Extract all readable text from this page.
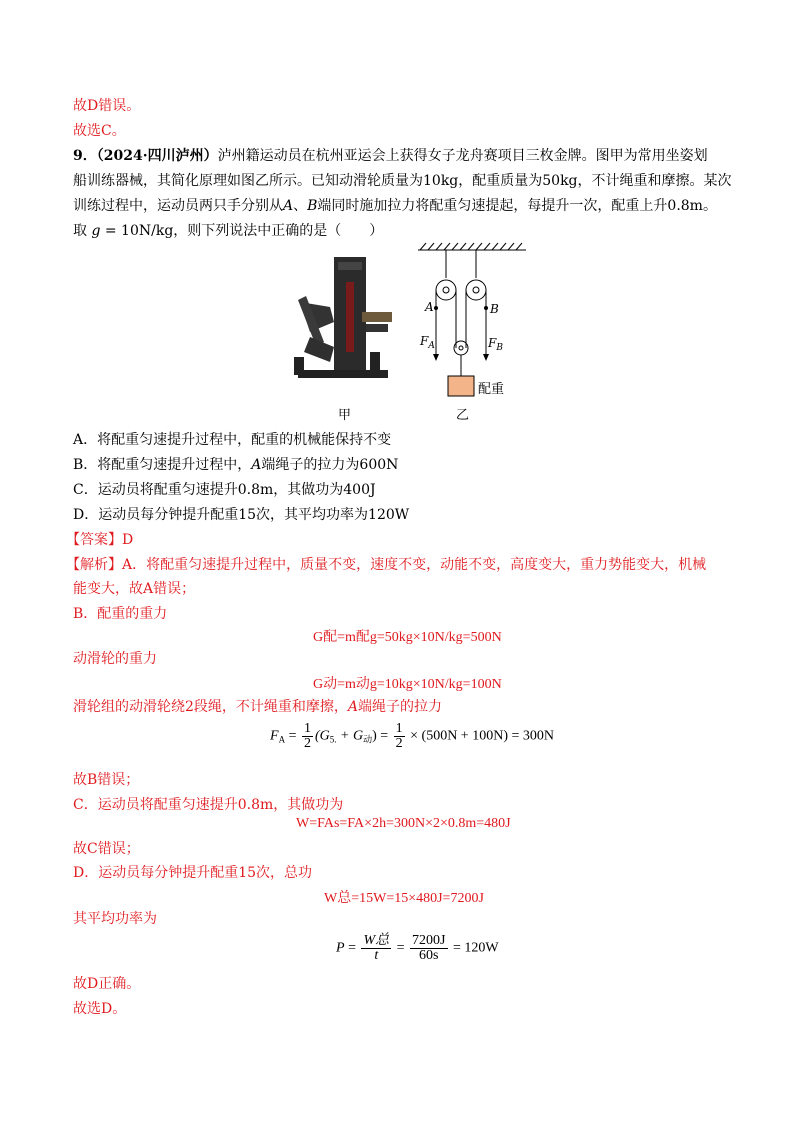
故D错误。
故选C。
9．（2024·四川泸州）泸州籍运动员在杭州亚运会上获得女子龙舟赛项目三枚金牌。图甲为常用坐姿划
船训练器械，其简化原理如图乙所示。已知动滑轮质量为10kg，配重质量为50kg，不计绳重和摩擦。某次
训练过程中，运动员两只手分别从A、B端同时施加拉力将配重匀速提起，每提升一次，配重上升0.8m。
取 g = 10N/kg，则下列说法中正确的是（　　）
甲
A	B
$F_A$	$F_B$
配重
乙
A．将配重匀速提升过程中，配重的机械能保持不变
B．将配重匀速提升过程中，A端绳子的拉力为600N
C．运动员将配重匀速提升0.8m，其做功为400J
D．运动员每分钟提升配重15次，其平均功率为120W
【答案】D
【解析】A．将配重匀速提升过程中，质量不变，速度不变，动能不变，高度变大，重力势能变大，机械
能变大，故A错误；
B．配重的重力
G配=m配g=50kg×10N/kg=500N
动滑轮的重力
G动=m动g=10kg×10N/kg=100N
滑轮组的动滑轮绕2段绳，不计绳重和摩擦，A端绳子的拉力
$F_A = \frac{1}{2} (G_{5.} + G_动) = \frac{1}{2} \times (500N + 100N) = 300N$
故B错误；
C．运动员将配重匀速提升0.8m，其做功为
W=FAs=FA×2h=300N×2×0.8m=480J
故C错误；
D．运动员每分钟提升配重15次，总功
W总=15W=15×480J=7200J
其平均功率为
$P = \frac{\text{W总}}{t} = \frac{7200J}{60s} = 120W$
故D正确。
故选D。
